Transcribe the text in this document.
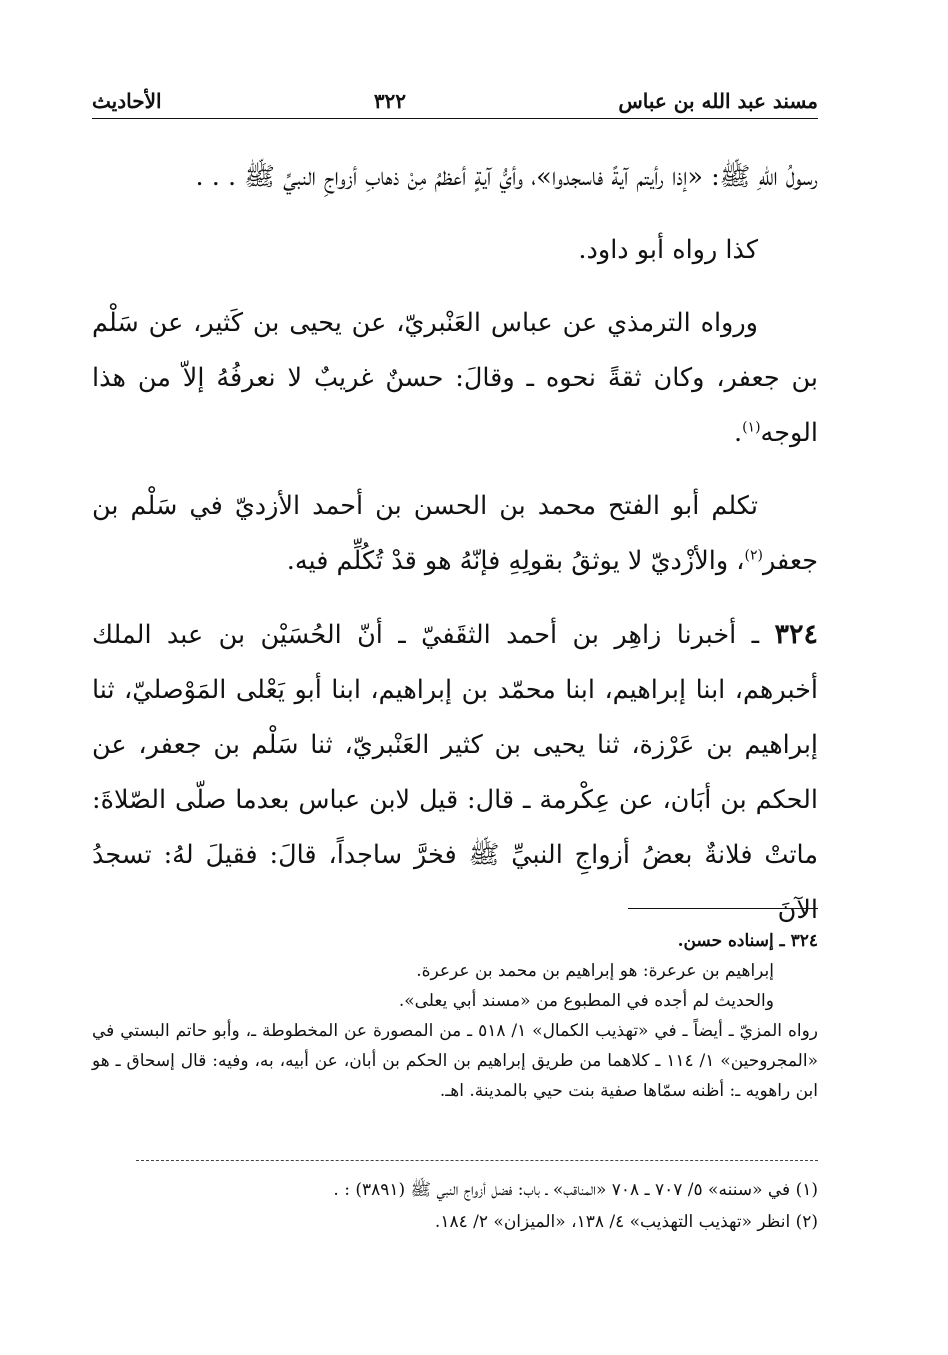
الأحاديث	٣٢٢	مسند عبد الله بن عباس

رسولُ اللّهِ ﷺ: «إذا رأيتم آيةً فاسجدوا»، وأيُّ آيةٍ أعظمُ مِنْ ذهابِ أزواجِ النبيِّ ﷺ . . .

كذا رواه أبو داود.

ورواه الترمذي عن عباس العَنْبريّ، عن يحيى بن كَثير، عن سَلْم بن جعفر، وكان ثقةً نحوه ـ وقالَ: حسنٌ غريبٌ لا نعرفُهُ إلاّ من هذا الوجه$^{(١)}$.

تكلم أبو الفتح محمد بن الحسن بن أحمد الأزديّ في سَلْم بن جعفر$^{(٢)}$، والأزْديّ لا يوثقُ بقولِهِ فإنّهُ هو قدْ تُكُلِّم فيه.

٣٢٤ ـ أخبرنا زاهِر بن أحمد الثقَفيّ ـ أنّ الحُسَيْن بن عبد الملك أخبرهم، ابنا إبراهيم، ابنا محمّد بن إبراهيم، ابنا أبو يَعْلى المَوْصليّ، ثنا إبراهيم بن عَرْزة، ثنا يحيى بن كثير العَنْبريّ، ثنا سَلْم بن جعفر، عن الحكم بن أبَان، عن عِكْرمة ـ قال: قيل لابن عباس بعدما صلّى الصّلاةَ: ماتتْ فلانةٌ بعضُ أزواجِ النبيِّ ﷺ فخرَّ ساجداً، قالَ: فقيلَ لهُ: تسجدُ الآنَ

٣٢٤ ـ إسناده حسن.

إبراهيم بن عرعرة: هو إبراهيم بن محمد بن عرعرة.

والحديث لم أجده في المطبوع من «مسند أبي يعلى».

رواه المزيّ ـ أيضاً ـ في «تهذيب الكمال» ١/ ٥١٨ ـ من المصورة عن المخطوطة ـ، وأبو حاتم البستي في «المجروحين» ١/ ١١٤ ـ كلاهما من طريق إبراهيم بن الحكم بن أبان، عن أبيه، به، وفيه: قال إسحاق ـ هو ابن راهويه ـ: أظنه سمّاها صفية بنت حيي بالمدينة. اهـ.

(١) في «سننه» ٥/ ٧٠٧ ـ ٧٠٨ «المناقب» ـ باب: فضل أزواج النبي ﷺ (٣٨٩١) : .

(٢) انظر «تهذيب التهذيب» ٤/ ١٣٨، «الميزان» ٢/ ١٨٤.
